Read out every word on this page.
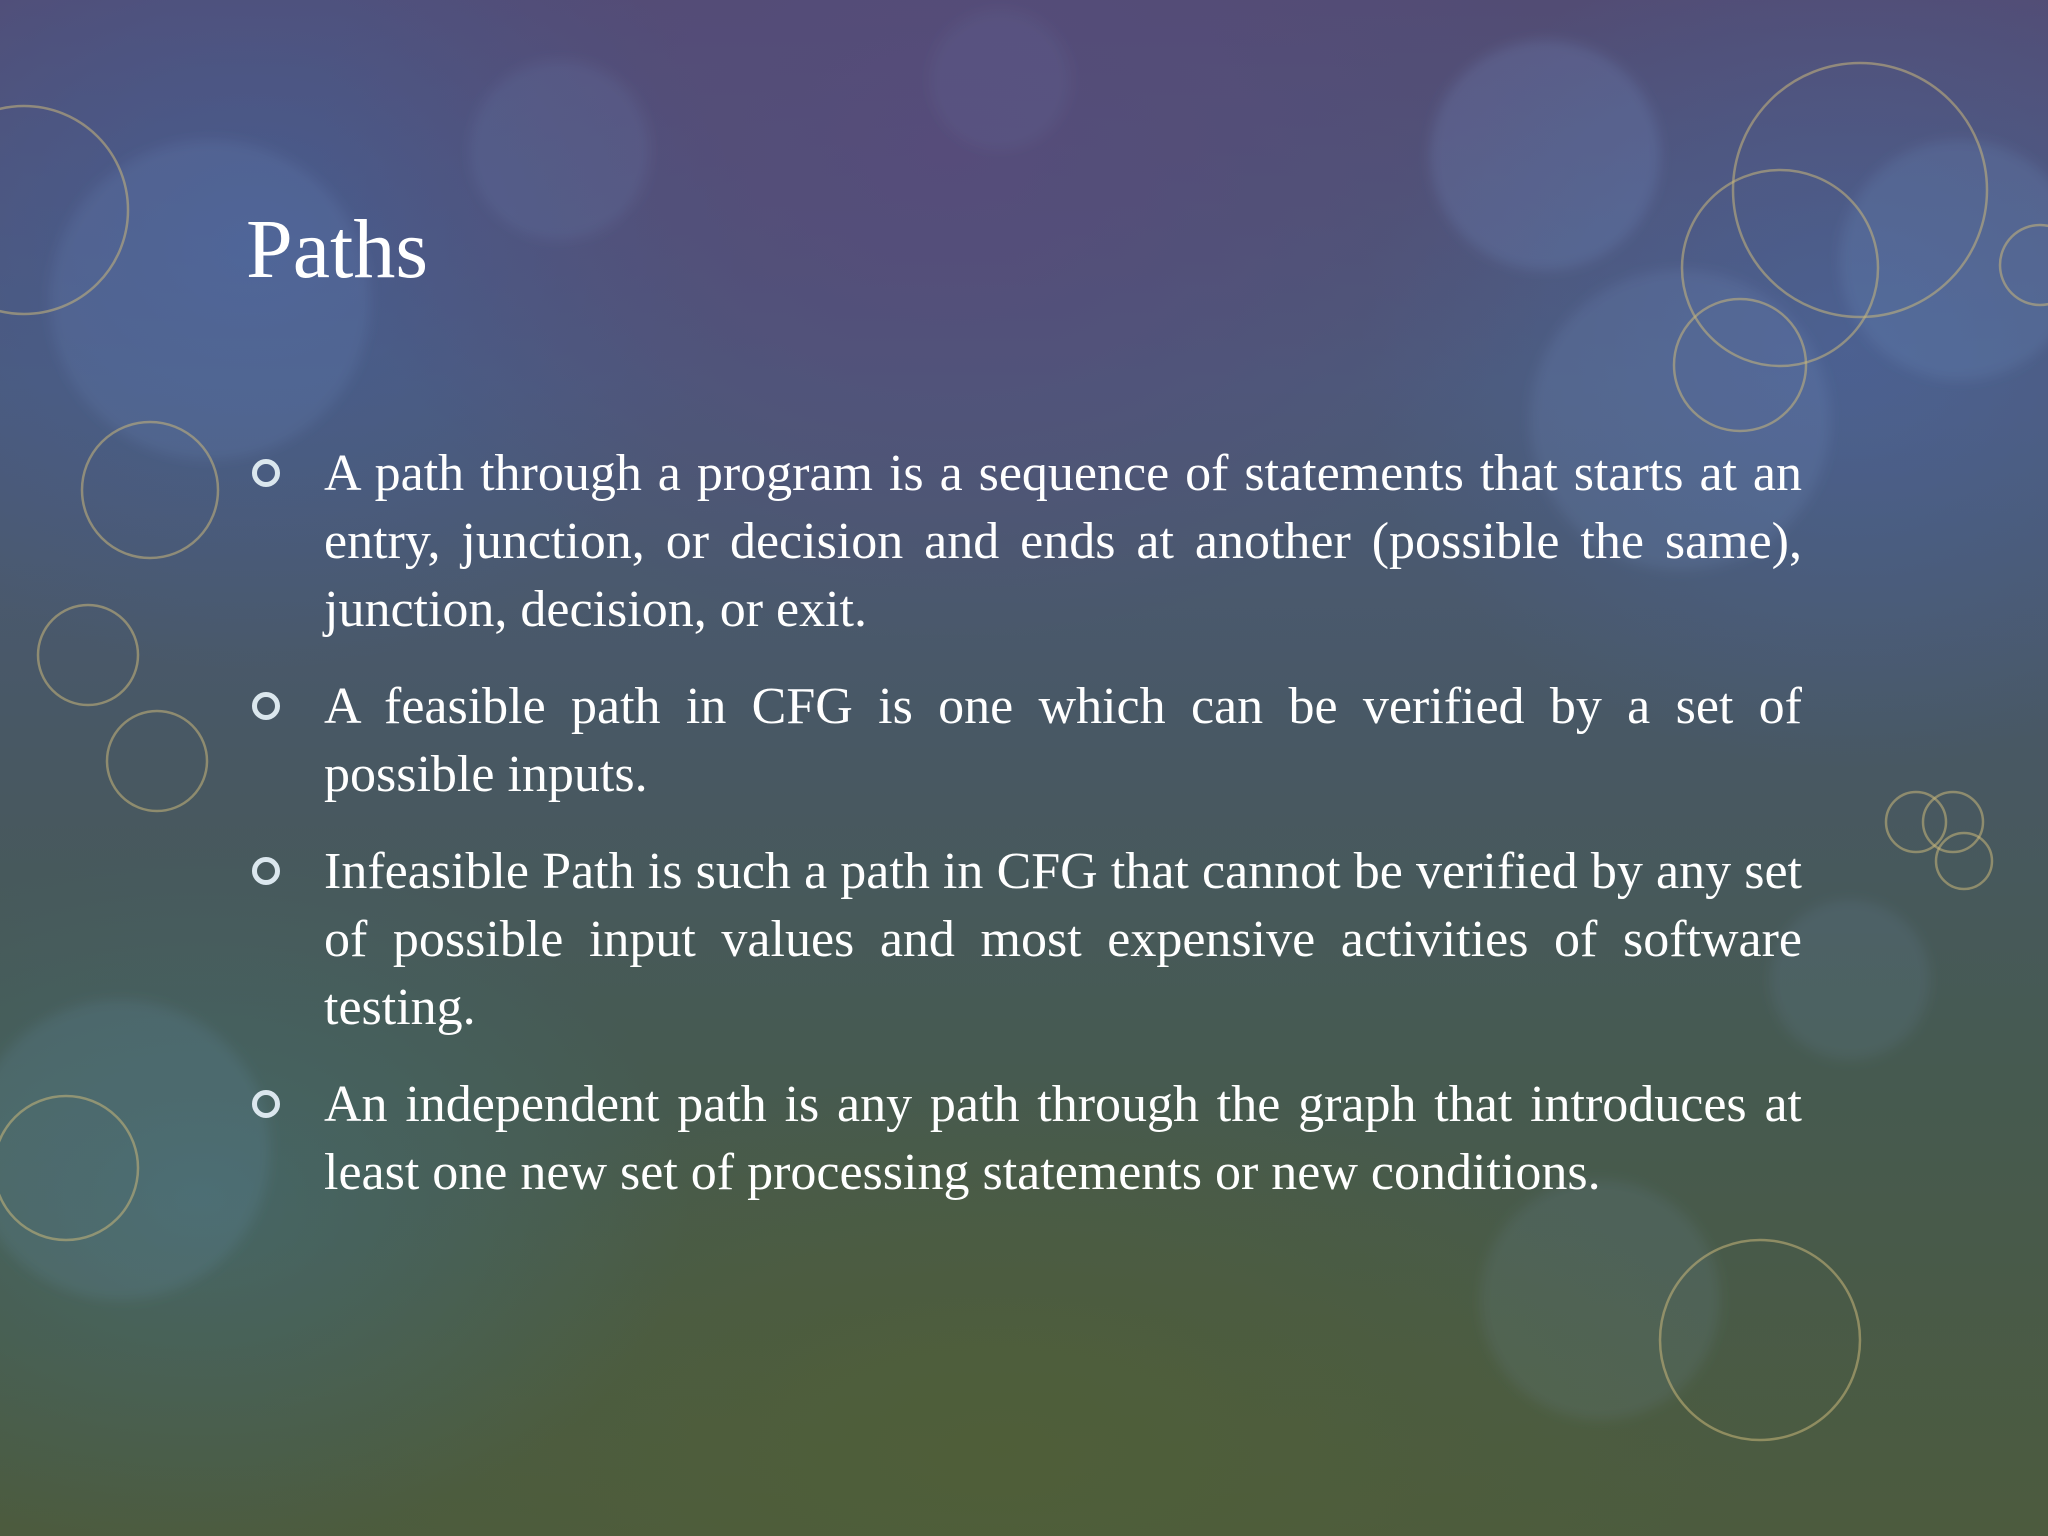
Paths
A path through a program is a sequence of statements that starts at an entry, junction, or decision and ends at another (possible the same), junction, decision, or exit.
A feasible path in CFG is one which can be verified by a set of possible inputs.
Infeasible Path is such a path in CFG that cannot be verified by any set of possible input values and most expensive activities of software testing.
An independent path is any path through the graph that introduces at least one new set of processing statements or new conditions.
